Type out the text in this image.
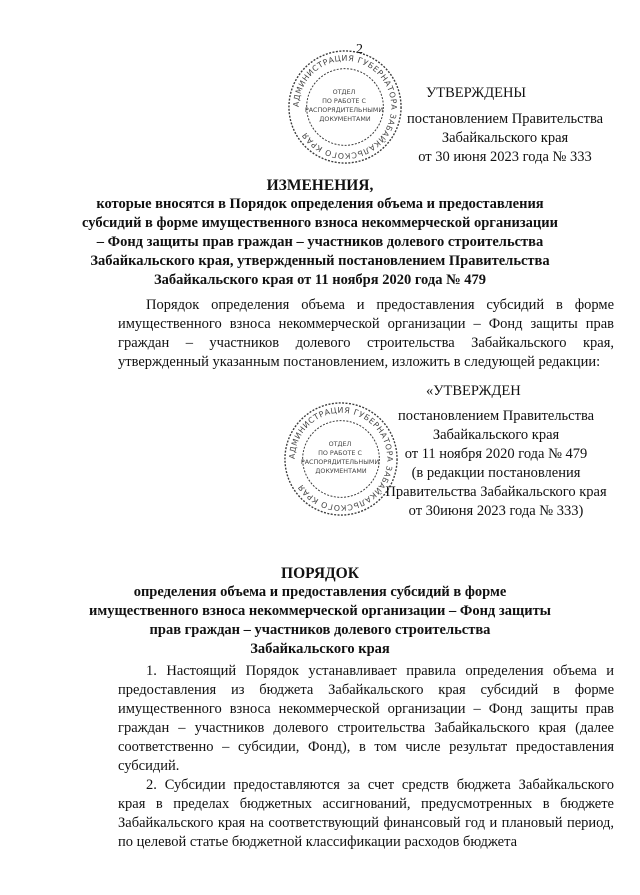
2
АДМИНИСТРАЦИЯ ГУБЕРНАТОРА ЗАБАЙКАЛЬСКОГО КРАЯ
ОТДЕЛ ПО РАБОТЕ С РАСПОРЯДИТЕЛЬНЫМИ ДОКУМЕНТАМИ
УТВЕРЖДЕНЫ
постановлением Правительства
Забайкальского края
от 30 июня 2023 года № 333
ИЗМЕНЕНИЯ,
которые вносятся в Порядок определения объема и предоставления
субсидий в форме имущественного взноса некоммерческой организации
– Фонд защиты прав граждан – участников долевого строительства
Забайкальского края, утвержденный постановлением Правительства
Забайкальского края от 11 ноября 2020 года № 479

Порядок определения объема и предоставления субсидий в форме имущественного взноса некоммерческой организации – Фонд защиты прав граждан – участников долевого строительства Забайкальского края, утвержденный указанным постановлением, изложить в следующей редакции:

АДМИНИСТРАЦИЯ ГУБЕРНАТОРА ЗАБАЙКАЛЬСКОГО КРАЯ
ОТДЕЛ ПО РАБОТЕ С РАСПОРЯДИТЕЛЬНЫМИ ДОКУМЕНТАМИ
«УТВЕРЖДЕН
постановлением Правительства
Забайкальского края
от 11 ноября 2020 года № 479
(в редакции постановления
Правительства Забайкальского края
от 30июня 2023 года № 333)
ПОРЯДОК
определения объема и предоставления субсидий в форме
имущественного взноса некоммерческой организации – Фонд защиты
прав граждан – участников долевого строительства
Забайкальского края

1. Настоящий Порядок устанавливает правила определения объема и предоставления из бюджета Забайкальского края субсидий в форме имущественного взноса некоммерческой организации – Фонд защиты прав граждан – участников долевого строительства Забайкальского края (далее соответственно – субсидии, Фонд), в том числе результат предоставления субсидий.

2. Субсидии предоставляются за счет средств бюджета Забайкальского края в пределах бюджетных ассигнований, предусмотренных в бюджете Забайкальского края на соответствующий финансовый год и плановый период, по целевой статье бюджетной классификации расходов бюджета
